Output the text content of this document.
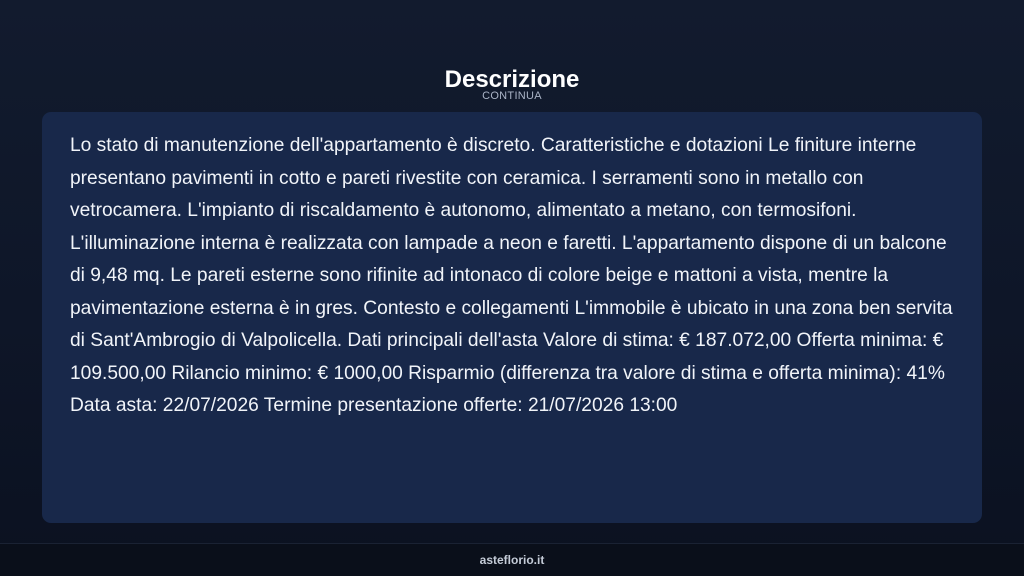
Descrizione
CONTINUA

Lo stato di manutenzione dell'appartamento è discreto. Caratteristiche e dotazioni Le finiture interne presentano pavimenti in cotto e pareti rivestite con ceramica. I serramenti sono in metallo con vetrocamera. L'impianto di riscaldamento è autonomo, alimentato a metano, con termosifoni. L'illuminazione interna è realizzata con lampade a neon e faretti. L'appartamento dispone di un balcone di 9,48 mq. Le pareti esterne sono rifinite ad intonaco di colore beige e mattoni a vista, mentre la pavimentazione esterna è in gres. Contesto e collegamenti L'immobile è ubicato in una zona ben servita di Sant'Ambrogio di Valpolicella. Dati principali dell'asta Valore di stima: € 187.072,00 Offerta minima: € 109.500,00 Rilancio minimo: € 1000,00 Risparmio (differenza tra valore di stima e offerta minima): 41% Data asta: 22/07/2026 Termine presentazione offerte: 21/07/2026 13:00

asteflorio.it
